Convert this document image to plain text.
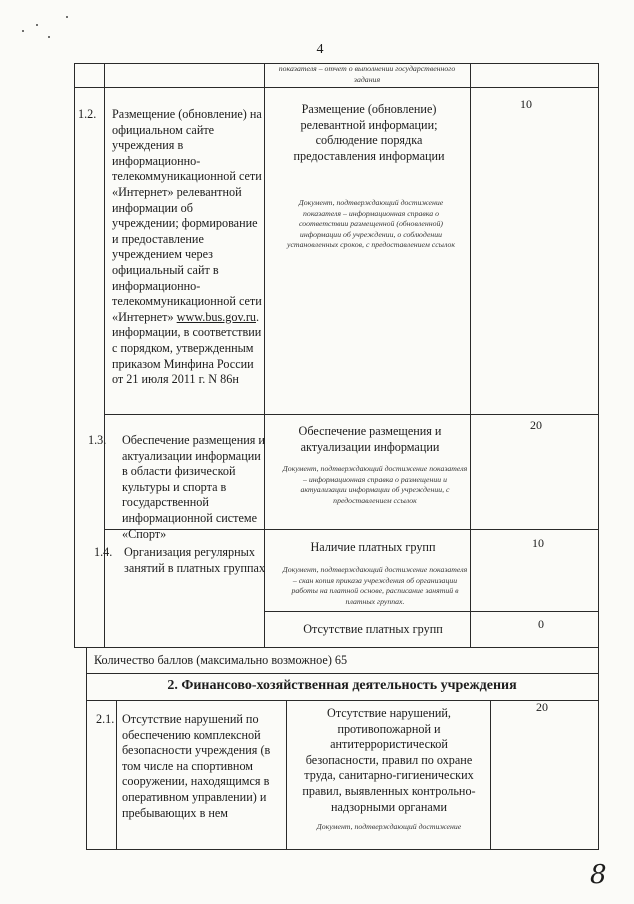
4
показателя – отчет о выполнении государственного задания
1.2. Размещение (обновление) на официальном сайте учреждения в информационно-телекоммуникационной сети «Интернет» релевантной информации об учреждении; формирование и предоставление учреждением через официальный сайт в информационно-телекоммуникационной сети «Интернет» www.bus.gov.ru. информации, в соответствии с порядком, утвержденным приказом Минфина России от 21 июля 2011 г. N 86н
Размещение (обновление) релевантной информации; соблюдение порядка предоставления информации
Документ, подтверждающий достижение показателя – информационная справка о соответствии размещенной (обновленной) информации об учреждении, о соблюдении установленных сроков, с предоставлением ссылок
10
1.3. Обеспечение размещения и актуализации информации в области физической культуры и спорта в государственной информационной системе «Спорт»
Обеспечение размещения и актуализации информации
Документ, подтверждающий достижение показателя – информационная справка о размещении и актуализации информации об учреждении, с предоставлением ссылок
20
1.4. Организация регулярных занятий в платных группах
Наличие платных групп
Документ, подтверждающий достижение показателя – скан копия приказа учреждения об организации работы на платной основе, расписание занятий в платных группах.
10
Отсутствие платных групп	0
Количество баллов (максимально возможное) 65
2. Финансово-хозяйственная деятельность учреждения
2.1. Отсутствие нарушений по обеспечению комплексной безопасности учреждения (в том числе на спортивном сооружении, находящимся в оперативном управлении) и пребывающих в нем
Отсутствие нарушений, противопожарной и антитеррористической безопасности, правил по охране труда, санитарно-гигиенических правил, выявленных контрольно-надзорными органами
Документ, подтверждающий достижение
20
8
